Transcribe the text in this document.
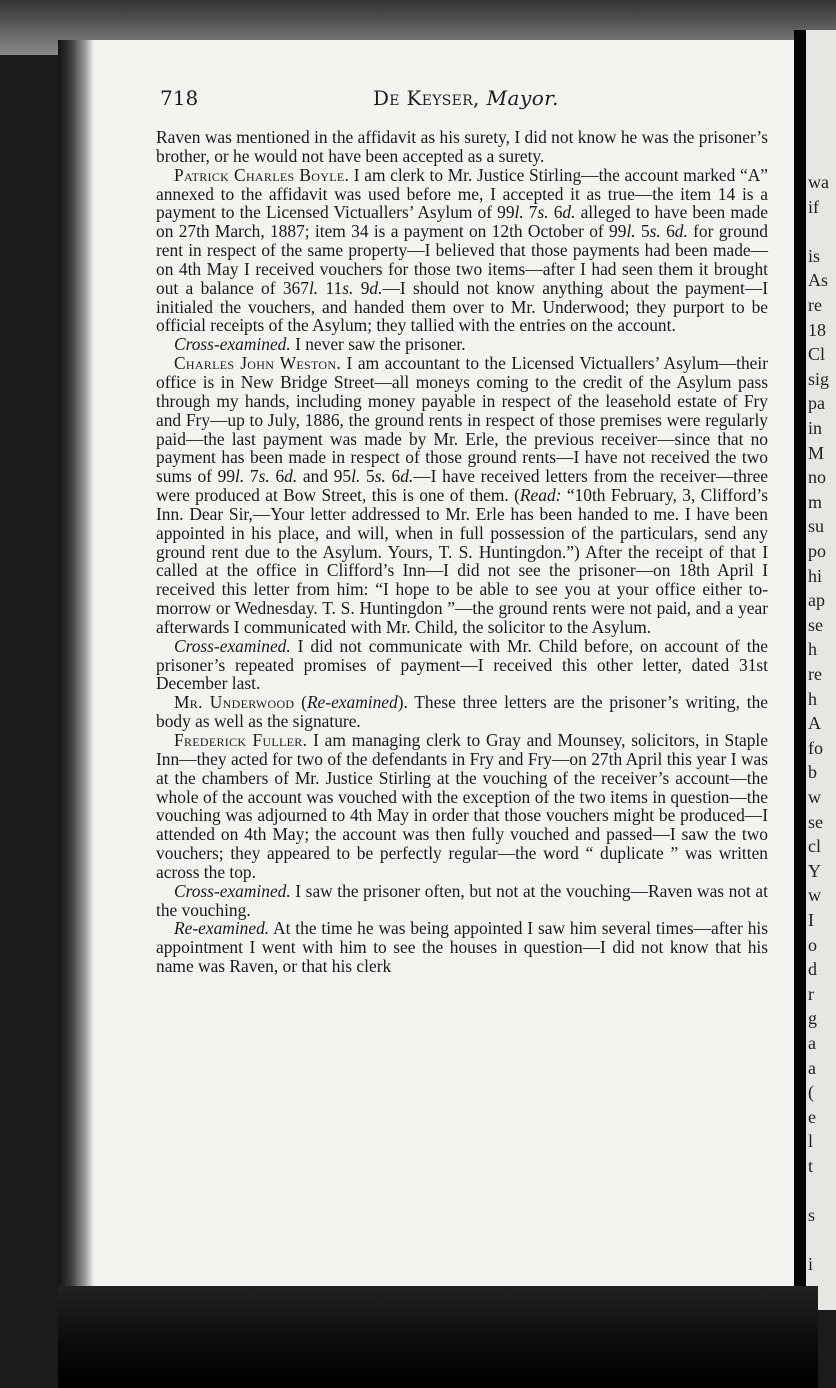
wa
if
is
As
re
18
Cl
sig
pa
in
M
no
m
su
po
hi
ap
se
h
re
h
A
fo
b
w
se
cl
Y
w
I
o
d
r
g
a
a
(
e
l
t
s
i
718	De Keyser, Mayor.

Raven was mentioned in the affidavit as his surety, I did not know he was the prisoner’s brother, or he would not have been accepted as a surety.

Patrick Charles Boyle. I am clerk to Mr. Justice Stirling—the account marked “A” annexed to the affidavit was used before me, I accepted it as true—the item 14 is a payment to the Licensed Victuallers’ Asylum of 99l. 7s. 6d. alleged to have been made on 27th March, 1887; item 34 is a payment on 12th October of 99l. 5s. 6d. for ground rent in respect of the same property—I believed that those payments had been made—on 4th May I received vouchers for those two items—after I had seen them it brought out a balance of 367l. 11s. 9d.—I should not know anything about the payment—I initialed the vouchers, and handed them over to Mr. Underwood; they purport to be official receipts of the Asylum; they tallied with the entries on the account.

Cross-examined. I never saw the prisoner.

Charles John Weston. I am accountant to the Licensed Victuallers’ Asylum—their office is in New Bridge Street—all moneys coming to the credit of the Asylum pass through my hands, including money payable in respect of the leasehold estate of Fry and Fry—up to July, 1886, the ground rents in respect of those premises were regularly paid—the last payment was made by Mr. Erle, the previous receiver—since that no payment has been made in respect of those ground rents—I have not received the two sums of 99l. 7s. 6d. and 95l. 5s. 6d.—I have received letters from the receiver—three were produced at Bow Street, this is one of them. (Read: “10th February, 3, Clifford’s Inn. Dear Sir,—Your letter addressed to Mr. Erle has been handed to me. I have been appointed in his place, and will, when in full possession of the particulars, send any ground rent due to the Asylum. Yours, T. S. Huntingdon.”) After the receipt of that I called at the office in Clifford’s Inn—I did not see the prisoner—on 18th April I received this letter from him: “I hope to be able to see you at your office either to-morrow or Wednesday. T. S. Huntingdon ”—the ground rents were not paid, and a year afterwards I communicated with Mr. Child, the solicitor to the Asylum.

Cross-examined. I did not communicate with Mr. Child before, on account of the prisoner’s repeated promises of payment—I received this other letter, dated 31st December last.

Mr. Underwood (Re-examined). These three letters are the prisoner’s writing, the body as well as the signature.

Frederick Fuller. I am managing clerk to Gray and Mounsey, solicitors, in Staple Inn—they acted for two of the defendants in Fry and Fry—on 27th April this year I was at the chambers of Mr. Justice Stirling at the vouching of the receiver’s account—the whole of the account was vouched with the exception of the two items in question—the vouching was adjourned to 4th May in order that those vouchers might be produced—I attended on 4th May; the account was then fully vouched and passed—I saw the two vouchers; they appeared to be perfectly regular—the word “ duplicate ” was written across the top.

Cross-examined. I saw the prisoner often, but not at the vouching—Raven was not at the vouching.

Re-examined. At the time he was being appointed I saw him several times—after his appointment I went with him to see the houses in question—I did not know that his name was Raven, or that his clerk
